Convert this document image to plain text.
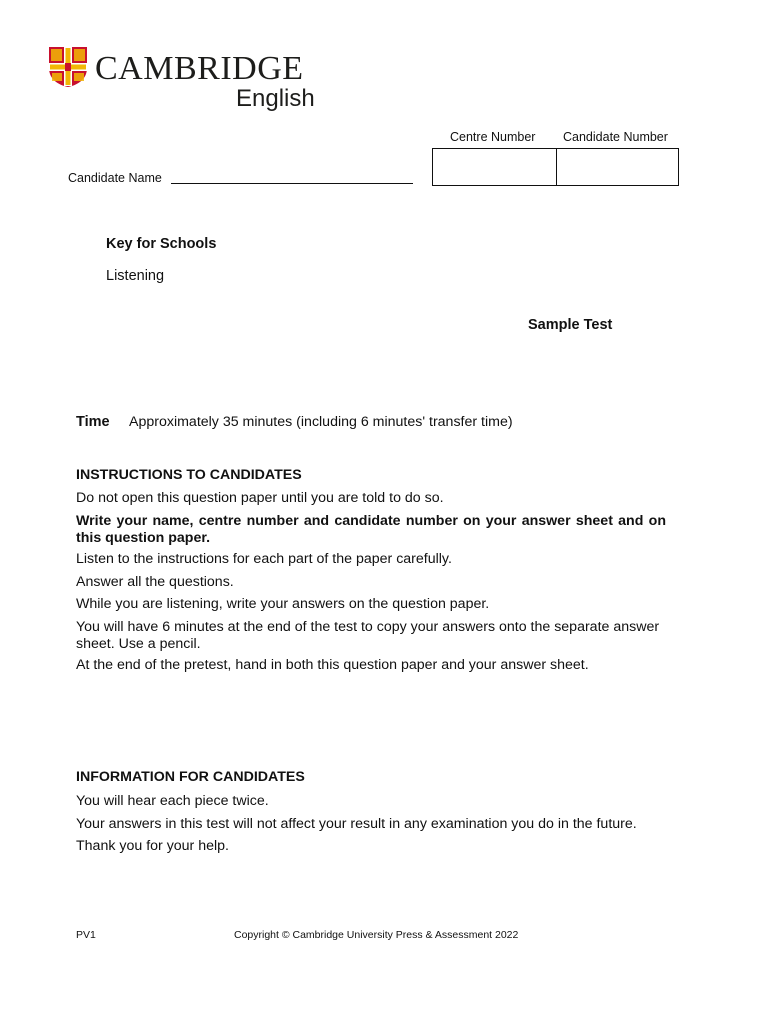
CAMBRIDGE
English
Centre Number Candidate Number
Candidate Name
Key for Schools
Listening
Sample Test
Time Approximately 35 minutes (including 6 minutes' transfer time)
INSTRUCTIONS TO CANDIDATES
Do not open this question paper until you are told to do so.
Write your name, centre number and candidate number on your answer sheet and on this question paper.
Listen to the instructions for each part of the paper carefully.
Answer all the questions.
While you are listening, write your answers on the question paper.
You will have 6 minutes at the end of the test to copy your answers onto the separate answer sheet. Use a pencil.
At the end of the pretest, hand in both this question paper and your answer sheet.
INFORMATION FOR CANDIDATES
You will hear each piece twice.
Your answers in this test will not affect your result in any examination you do in the future.
Thank you for your help.
PV1	Copyright © Cambridge University Press & Assessment 2022
